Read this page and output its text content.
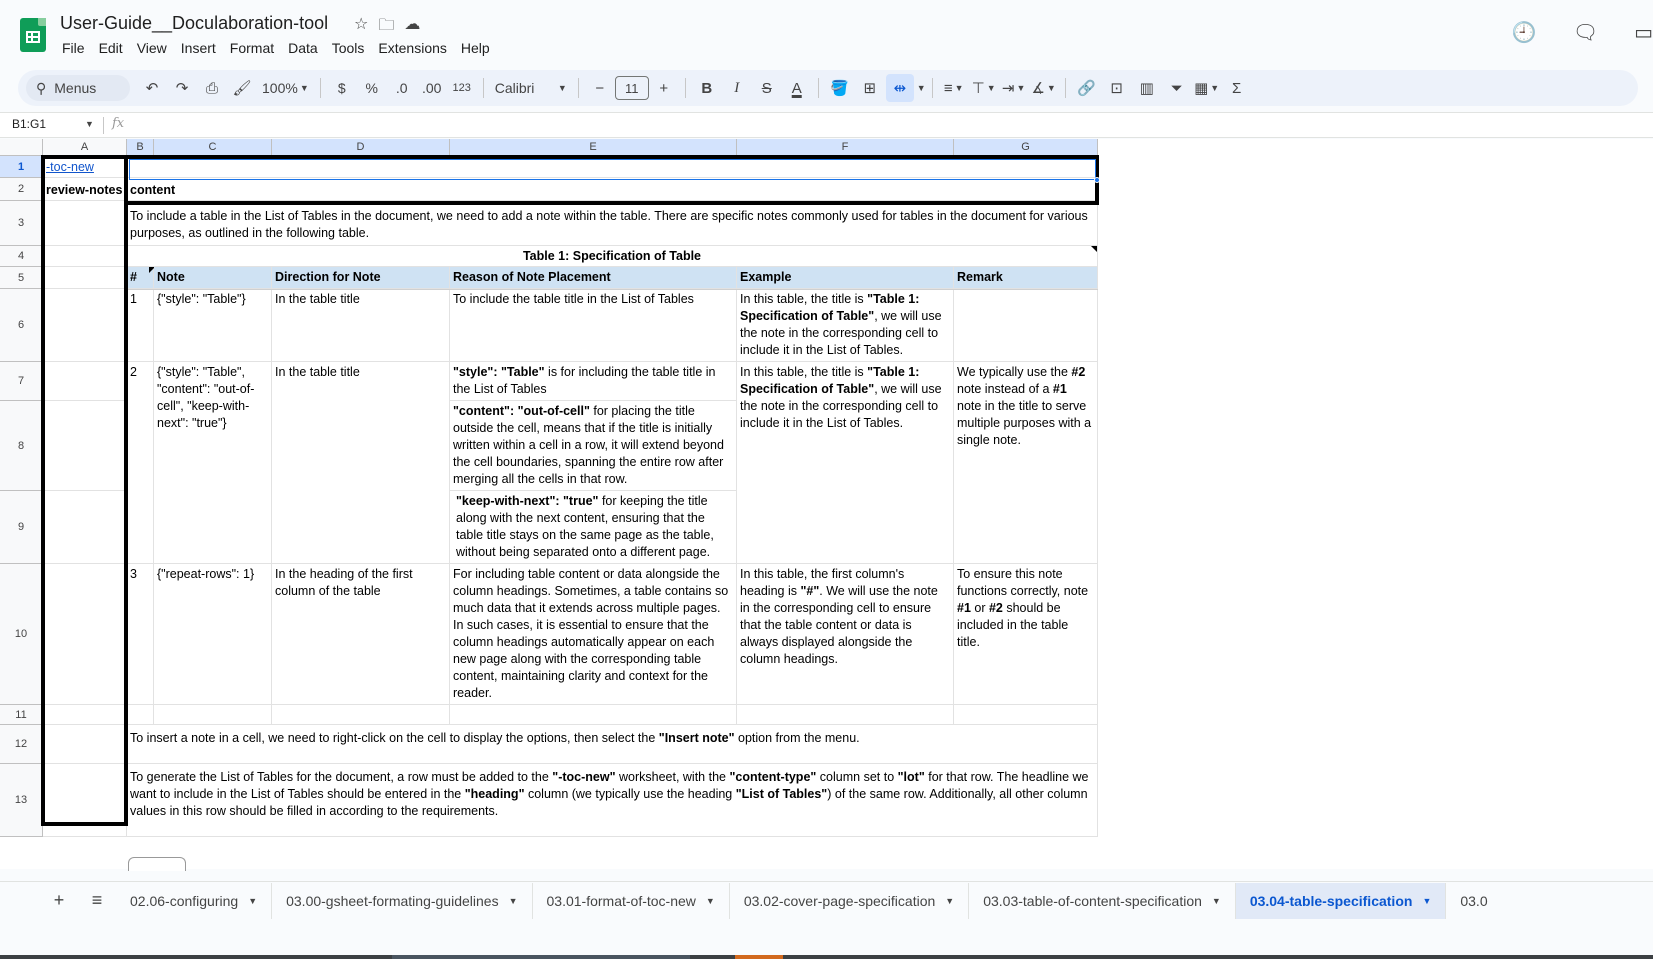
User-Guide__Doculaboration-tool ☆ 🗀 ☁
File	Edit	View	Insert	Format	Data	Tools	Extensions	Help
🕘 🗨 ▭
⚲ Menus	↶	↷	⎙ 🖌 100% ▼	$	%	.0	.00	123	Calibri	▼	−	11	+	B	I	S	A	🪣 ⊞	⇹	▼ ≡ ▼ ⊤ ▼ ⇥ ▼ ∡ ▼	🔗 ⊡	▥	⏷ ▦ ▼ Σ
B1:G1	▼ fx
A	B	C	D	E	F	G
1
2
3
4
5
6
7
8
9
10
11
12
13
-toc-new
review-notes content
To include a table in the List of Tables in the document, we need to add a note within the table. There are specific notes commonly used for tables in the document for various purposes, as outlined in the following table.
Table 1: Specification of Table
#	Note	Direction for Note	Reason of Note Placement	Example	Remark
1	{"style": "Table"}	In the table title	To include the table title in the List of Tables	In this table, the title is "Table 1: Specification of Table", we will use the note in the corresponding cell to include it in the List of Tables.
2	{"style": "Table", "content": "out-of-cell", "keep-with-next": "true"}
In the table title	"style": "Table" is for including the table title in the List of Tables
"content": "out-of-cell" for placing the title outside the cell, means that if the title is initially written within a cell in a row, it will extend beyond the cell boundaries, spanning the entire row after merging all the cells in that row.
"keep-with-next": "true" for keeping the title along with the next content, ensuring that the table title stays on the same page as the table, without being separated onto a different page.
In this table, the title is "Table 1: Specification of Table", we will use the note in the corresponding cell to include it in the List of Tables.
We typically use the #2 note instead of a #1 note in the title to serve multiple purposes with a single note.
3	{"repeat-rows": 1}	In the heading of the first column of the table
For including table content or data alongside the column headings. Sometimes, a table contains so much data that it extends across multiple pages. In such cases, it is essential to ensure that the column headings automatically appear on each new page along with the corresponding table content, maintaining clarity and context for the reader.
In this table, the first column's heading is "#". We will use the note in the corresponding cell to ensure that the table content or data is always displayed alongside the column headings.
To ensure this note functions correctly, note #1 or #2 should be included in the table title.
To insert a note in a cell, we need to right-click on the cell to display the options, then select the "Insert note" option from the menu.
To generate the List of Tables for the document, a row must be added to the "-toc-new" worksheet, with the "content-type" column set to "lot" for that row. The headline we want to include in the List of Tables should be entered in the "heading" column (we typically use the heading "List of Tables") of the same row. Additionally, all other column values in this row should be filled in according to the requirements.
+	≡	02.06-configuring ▼ 03.00-gsheet-formating-guidelines ▼ 03.01-format-of-toc-new ▼ 03.02-cover-page-specification ▼ 03.03-table-of-content-specification ▼ 03.04-table-specification ▼ 03.0
